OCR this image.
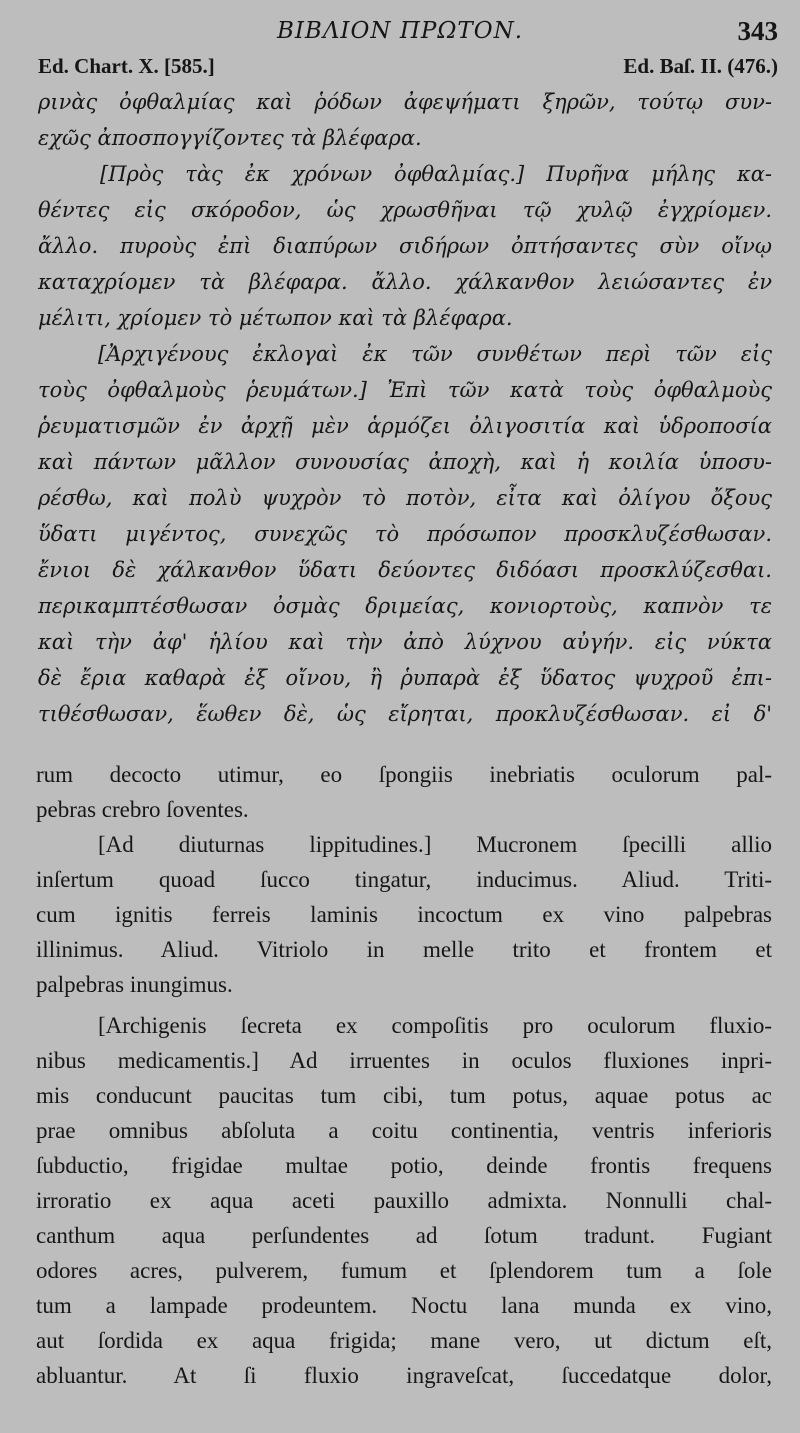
ΒΙΒΛΙΟΝ ΠΡΩΤΟΝ.	343
Ed. Chart. X. [585.]	Ed. Baſ. II. (476.)
ρινὰς ὀφθαλμίας καὶ ῥόδων ἀφεψήματι ξηρῶν, τούτῳ συν-
εχῶς ἀποσπογγίζοντες τὰ βλέφαρα.
[Πρὸς τὰς ἐκ χρόνων ὀφθαλμίας.] Πυρῆνα μήλης κα-
θέντες εἰς σκόροδον, ὡς χρωσθῆναι τῷ χυλῷ ἐγχρίομεν.
ἄλλο. πυροὺς ἐπὶ διαπύρων σιδήρων ὀπτήσαντες σὺν οἴνῳ
καταχρίομεν τὰ βλέφαρα. ἄλλο. χάλκανθον λειώσαντες ἐν
μέλιτι, χρίομεν τὸ μέτωπον καὶ τὰ βλέφαρα.
[Ἀρχιγένους ἐκλογαὶ ἐκ τῶν συνθέτων περὶ τῶν εἰς
τοὺς ὀφθαλμοὺς ῥευμάτων.] Ἐπὶ τῶν κατὰ τοὺς ὀφθαλμοὺς
ῥευματισμῶν ἐν ἀρχῇ μὲν ἁρμόζει ὀλιγοσιτία καὶ ὑδροποσία
καὶ πάντων μᾶλλον συνουσίας ἀποχὴ, καὶ ἡ κοιλία ὑποσυ-
ρέσθω, καὶ πολὺ ψυχρὸν τὸ ποτὸν, εἶτα καὶ ὀλίγου ὄξους
ὕδατι μιγέντος, συνεχῶς τὸ πρόσωπον προσκλυζέσθωσαν.
ἔνιοι δὲ χάλκανθον ὕδατι δεύοντες διδόασι προσκλύζεσθαι.
περικαμπτέσθωσαν ὀσμὰς δριμείας, κονιορτοὺς, καπνὸν τε
καὶ τὴν ἀφ' ἡλίου καὶ τὴν ἀπὸ λύχνου αὐγήν. εἰς νύκτα
δὲ ἔρια καθαρὰ ἐξ οἴνου, ἢ ῥυπαρὰ ἐξ ὕδατος ψυχροῦ ἐπι-
τιθέσθωσαν, ἕωθεν δὲ, ὡς εἴρηται, προκλυζέσθωσαν. εἰ δ'
rum decocto utimur, eo ſpongiis inebriatis oculorum pal-
pebras crebro ſoventes.
[Ad diuturnas lippitudines.] Mucronem ſpecilli allio
inſertum quoad ſucco tingatur, inducimus. Aliud. Triti-
cum ignitis ferreis laminis incoctum ex vino palpebras
illinimus. Aliud. Vitriolo in melle trito et frontem et
palpebras inungimus.
[Archigenis ſecreta ex compoſitis pro oculorum fluxio-
nibus medicamentis.] Ad irruentes in oculos fluxiones inpri-
mis conducunt paucitas tum cibi, tum potus, aquae potus ac
prae omnibus abſoluta a coitu continentia, ventris inferioris
ſubductio, frigidae multae potio, deinde frontis frequens
irroratio ex aqua aceti pauxillo admixta. Nonnulli chal-
canthum aqua perſundentes ad ſotum tradunt. Fugiant
odores acres, pulverem, fumum et ſplendorem tum a ſole
tum a lampade prodeuntem. Noctu lana munda ex vino,
aut ſordida ex aqua frigida; mane vero, ut dictum eſt,
abluantur. At ſi fluxio ingraveſcat, ſuccedatque dolor,
